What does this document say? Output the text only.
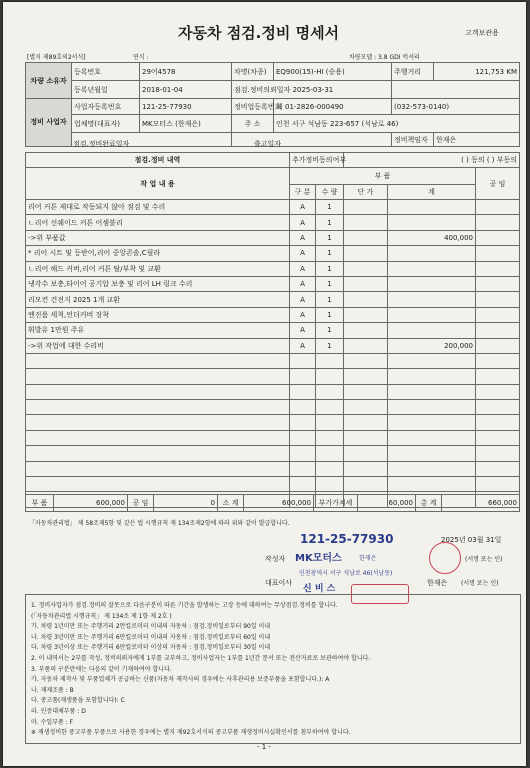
고객보관용
자동차 점검.정비 명세서
[별지 제89호의2서식]	연식 :	차량모델 : 3.8 GDI 럭셔리
차량 소유자	등록번호	29어4578	차명(차종)	EQ900(15)-HI (승용)	주행거리	121,753 KM
	등록년월일	2018-01-04	점검.정비의뢰일자 2025-03-31			
정비 사업자	사업자등록번호	121-25-77930	정비업등록번호	제 01-2826-000490	(032-573-0140)	
	업체명(대표자)	MK모터스 (한재은)	주 소	인천 서구 석남동 223-657 (석남로 46)		
					정비책임자	한재은
점검.정비완료일자	출고일자
점검.정비 내역	추가정비동의여부		( ) 동의 ( ) 부동의		
작 업 내 용	부 품				공 임
	구 분	수 량	단 가	계	
리어 커튼 제대로 작동되지 않아 점검 및 수리	A	1			
ㄴ리어 선쉐이드 커튼 어셈블리	A	1			
->위 부품값	A	1		400,000	
* 리어 시트 및 등받이,리어 중앙콘솔,C필라	A	1			
ㄴ리어 해드 커버,리어 커튼 탈/부착 및 교환	A	1			
냉각수 보충,타이어 공기압 보충 및 리어 LH 링크 수리	A	1			
리모컨 건전지 2025 1개 교환	A	1			
엔진룸 세척,언더커버 장착	A	1			
휘발유 1만원 주유	A	1			
->위 작업에 대한 수리비	A	1		200,000	

부 품	600,000	공 임	0	소 계	600,000	부가가치세	60,000	총 계	660,000
「자동차관리법」 제 58조제5항 및 같은 법 시행규칙 제 134조제2항에 따라 위와 같이 발급합니다.
121-25-77930	2025년 03월 31일
작성자 MK모터스	한재은	(서명 또는 인)
인천광역시 서구 석남로 46(석남동)
대표이사
신 비 스
한재은 (서명 또는 인)
1. 정비사업자가 점검.정비의 잘못으로 다음구분이 따른 기간을 발생하는 고장 등에 대하여는 무상점검.정비를 합니다.
(「자동차관리법 시행규칙」 제 134조 제 1항 제 2호 )
가. 차령 1년미만 또는 주행거리 2만킬로미터 이내의 자동차 : 점검.정비일로부터 90일 이내
나. 차령 3년미만 또는 주행거리 6만킬로미터 이내의 자동차 : 점검.정비일로부터 60일 이내
다. 차령 3년이상 또는 주행거리 6만킬로미터 이상의 자동차 : 점검.정비일로부터 30일 이내
2. 이 내역서는 2부를 작성, 정비의뢰자에게 1부를 교부하고, 정비사업자는 1부를 1년간 문서 또는 전산자료로 보관하여야 합니다.
3. 부품의 구분란에는 다음의 같이 기재하여야 합니다.
가. 자동차 제작사 및 부품업체가 공급하는 신품(자동차 제작사의 경우에는 사후관리용 보증부품을 포함합니다.): A
나. 재제조품 : B
다. 중고품(재생품을 포함합니다): C
라. 인증대체부품 : D
마. 수입부품 : F
※ 재생정비한 중고부품 부품으로 사용한 경우에는 별지 제92호서식의 중고부품 재생정비사실확인서를 첨부하여야 합니다.
- 1 -
